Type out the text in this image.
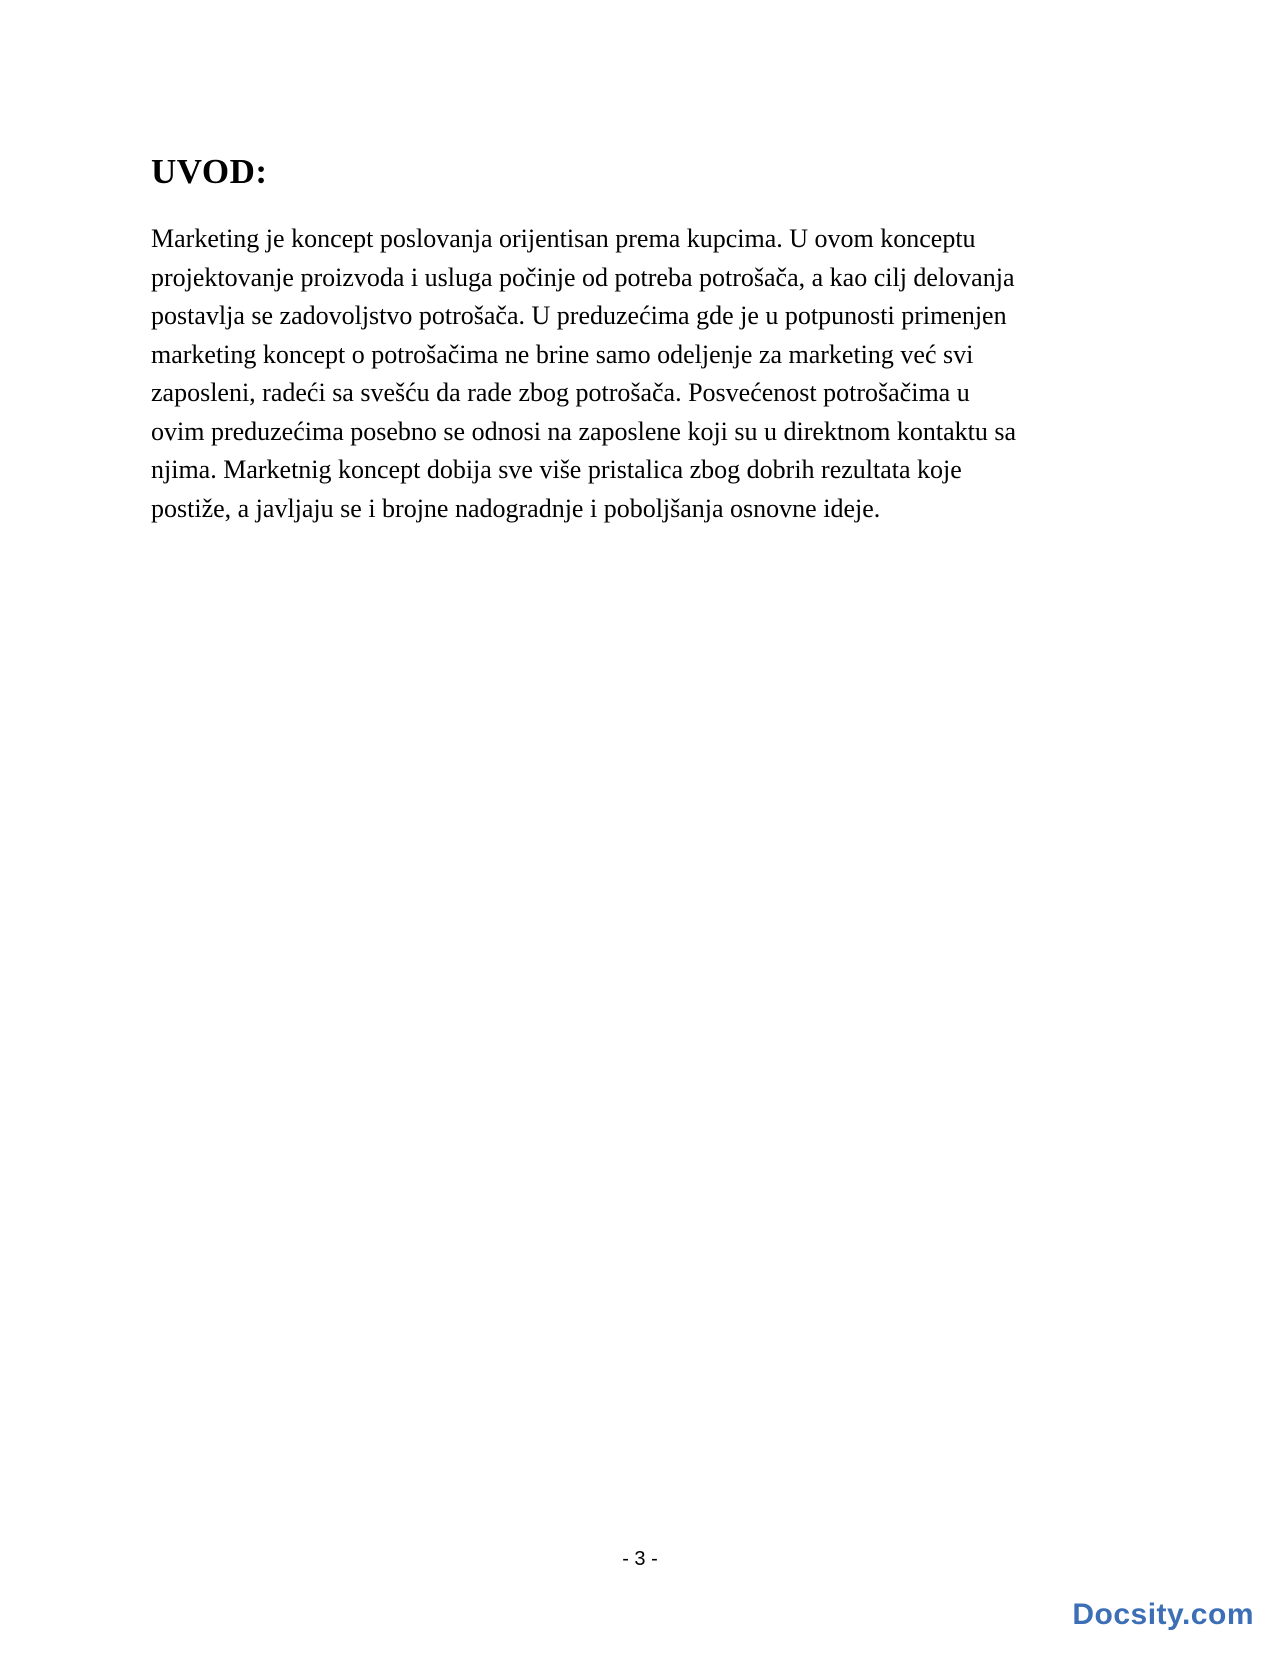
UVOD:

Marketing je koncept poslovanja orijentisan prema kupcima. U ovom konceptu
projektovanje proizvoda i usluga počinje od potreba potrošača, a kao cilj delovanja
postavlja se zadovoljstvo potrošača. U preduzećima gde je u potpunosti primenjen
marketing koncept o potrošačima ne brine samo odeljenje za marketing već svi
zaposleni, radeći sa svešću da rade zbog potrošača. Posvećenost potrošačima u
ovim preduzećima posebno se odnosi na zaposlene koji su u direktnom kontaktu sa
njima. Marketnig koncept dobija sve više pristalica zbog dobrih rezultata koje
postiže, a javljaju se i brojne nadogradnje i poboljšanja osnovne ideje.

- 3 -
Docsity.com
